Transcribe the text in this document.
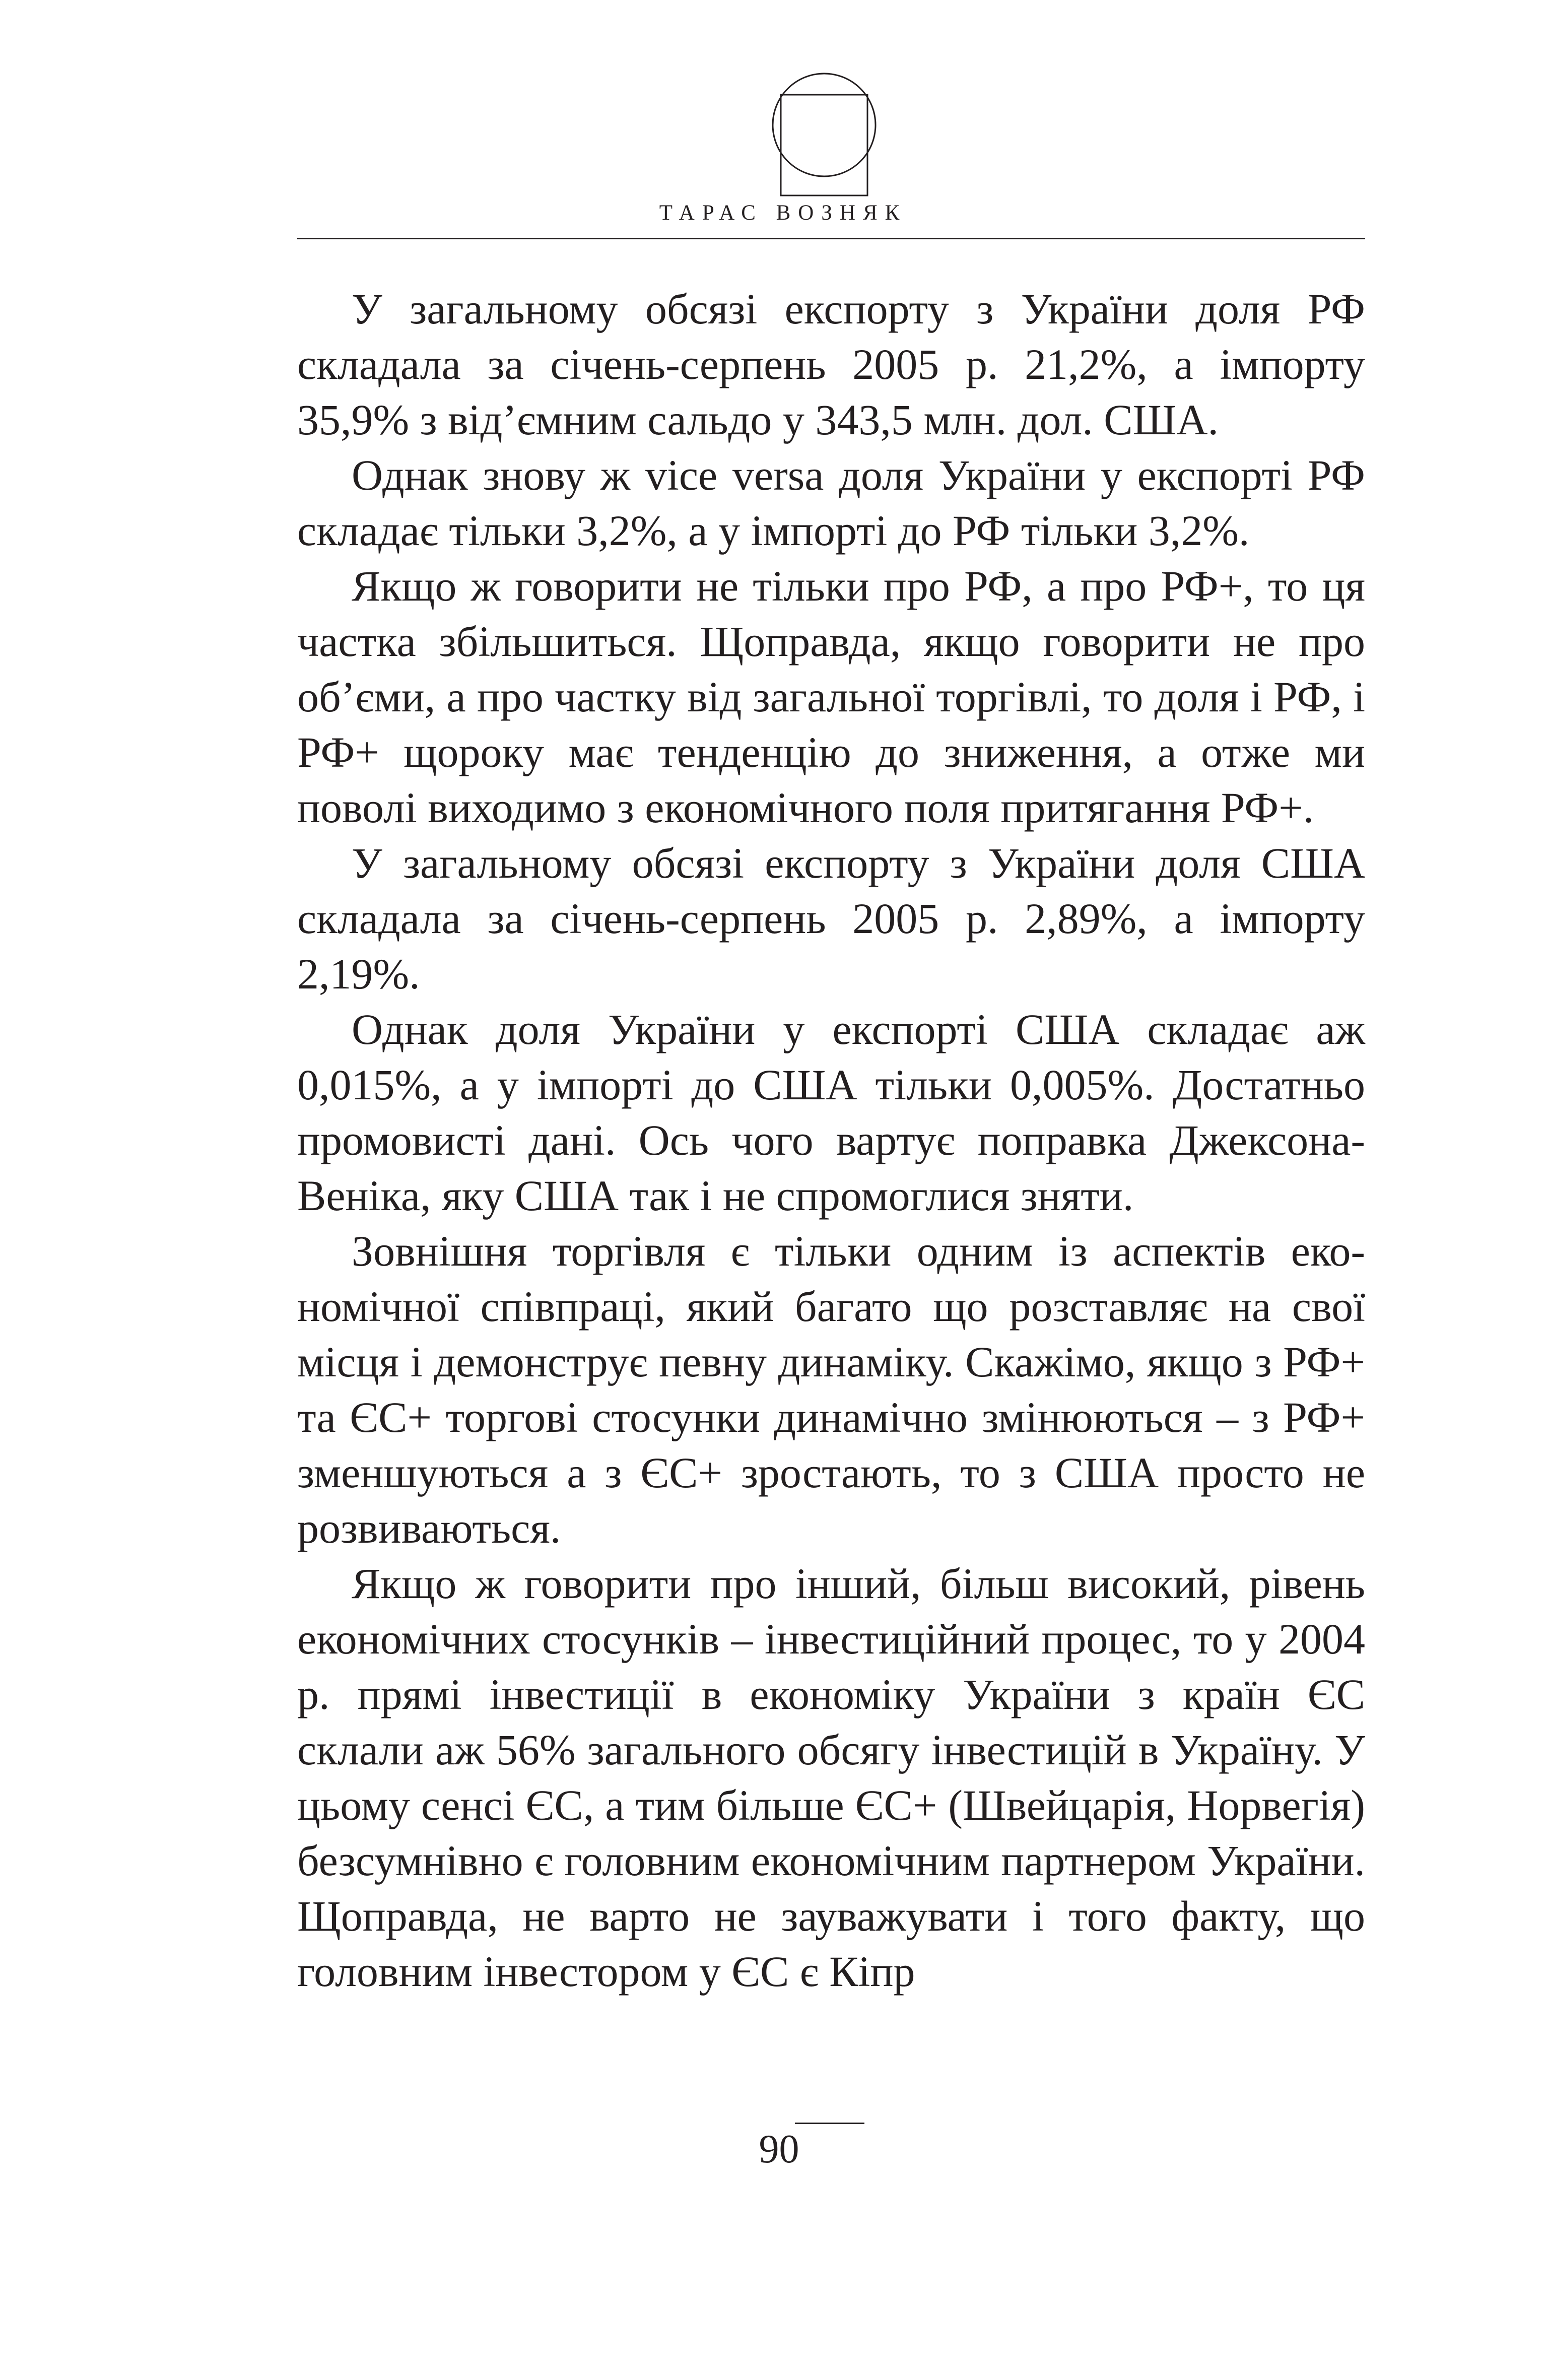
ТАРАС ВОЗНЯК

У загальному обсязі експорту з України доля РФ складала за січень-серпень 2005 р. 21,2%, а імпорту 35,9% з від’ємним сальдо у 343,5 млн. дол. США.

Однак знову ж vice versa доля України у експорті РФ складає тільки 3,2%, а у імпорті до РФ тільки 3,2%.

Якщо ж говорити не тільки про РФ, а про РФ+, то ця частка збільшиться. Щоправда, якщо говорити не про об’єми, а про частку від загальної торгівлі, то доля і РФ, і РФ+ щороку має тенденцію до зниження, а отже ми поволі виходимо з економічного поля притягання РФ+.

У загальному обсязі експорту з України доля США складала за січень-серпень 2005 р. 2,89%, а імпорту 2,19%.

Однак доля України у експорті США складає аж 0,015%, а у імпорті до США тільки 0,005%. Достатньо промовисті дані. Ось чого вартує поправка Джексона-Веніка, яку США так і не спромоглися зняти.

Зовнішня торгівля є тільки одним із аспектів економічної співпраці, який багато що розставляє на свої місця і демонструє певну динаміку. Скажімо, якщо з РФ+ та ЄС+ торгові стосунки динамічно змінюються – з РФ+ зменшуються а з ЄС+ зростають, то з США просто не розвиваються.

Якщо ж говорити про інший, більш високий, рівень економічних стосунків – інвестиційний процес, то у 2004 р. прямі інвестиції в економіку України з країн ЄС склали аж 56% загального обсягу інвестицій в Україну. У цьому сенсі ЄС, а тим більше ЄС+ (Швейцарія, Норвегія) безсумнівно є головним економічним партнером України. Щоправда, не варто не зауважувати і того факту, що головним інвестором у ЄС є Кіпр

90
